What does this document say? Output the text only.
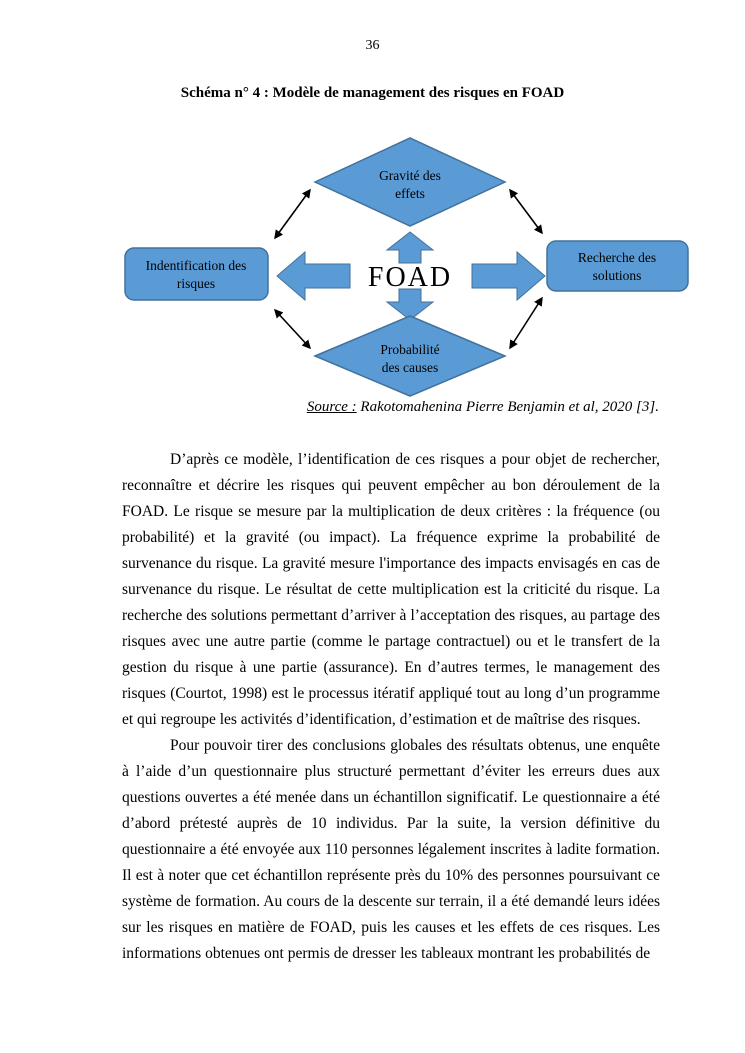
36
Schéma n° 4 : Modèle de management des risques en FOAD
Gravité des
effets
Probabilité
des causes
Indentification des
risques
Recherche des
solutions
FOAD
Source : Rakotomahenina Pierre Benjamin et al, 2020 [3].

D’après ce modèle, l’identification de ces risques a pour objet de rechercher, reconnaître et décrire les risques qui peuvent empêcher au bon déroulement de la FOAD. Le risque se mesure par la multiplication de deux critères : la fréquence (ou probabilité) et la gravité (ou impact). La fréquence exprime la probabilité de survenance du risque. La gravité mesure l'importance des impacts envisagés en cas de survenance du risque. Le résultat de cette multiplication est la criticité du risque. La recherche des solutions permettant d’arriver à l’acceptation des risques, au partage des risques avec une autre partie (comme le partage contractuel) ou et le transfert de la gestion du risque à une partie (assurance). En d’autres termes, le management des risques (Courtot, 1998) est le processus itératif appliqué tout au long d’un programme et qui regroupe les activités d’identification, d’estimation et de maîtrise des risques.

Pour pouvoir tirer des conclusions globales des résultats obtenus, une enquête à l’aide d’un questionnaire plus structuré permettant d’éviter les erreurs dues aux questions ouvertes a été menée dans un échantillon significatif. Le questionnaire a été d’abord prétesté auprès de 10 individus. Par la suite, la version définitive du questionnaire a été envoyée aux 110 personnes légalement inscrites à ladite formation. Il est à noter que cet échantillon représente près du 10% des personnes poursuivant ce système de formation. Au cours de la descente sur terrain, il a été demandé leurs idées sur les risques en matière de FOAD, puis les causes et les effets de ces risques. Les informations obtenues ont permis de dresser les tableaux montrant les probabilités de
